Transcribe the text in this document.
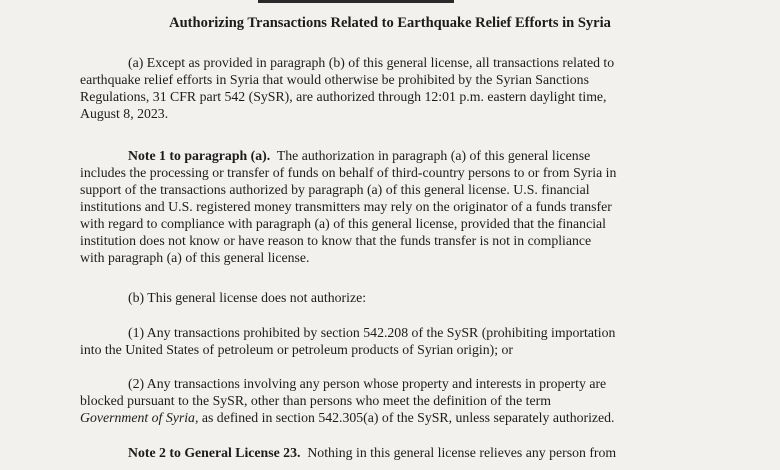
Authorizing Transactions Related to Earthquake Relief Efforts in Syria
(a) Except as provided in paragraph (b) of this general license, all transactions related to
earthquake relief efforts in Syria that would otherwise be prohibited by the Syrian Sanctions
Regulations, 31 CFR part 542 (SySR), are authorized through 12:01 p.m. eastern daylight time,
August 8, 2023.
Note 1 to paragraph (a). The authorization in paragraph (a) of this general license
includes the processing or transfer of funds on behalf of third-country persons to or from Syria in
support of the transactions authorized by paragraph (a) of this general license. U.S. financial
institutions and U.S. registered money transmitters may rely on the originator of a funds transfer
with regard to compliance with paragraph (a) of this general license, provided that the financial
institution does not know or have reason to know that the funds transfer is not in compliance
with paragraph (a) of this general license.
(b) This general license does not authorize:
(1) Any transactions prohibited by section 542.208 of the SySR (prohibiting importation
into the United States of petroleum or petroleum products of Syrian origin); or
(2) Any transactions involving any person whose property and interests in property are
blocked pursuant to the SySR, other than persons who meet the definition of the term
Government of Syria, as defined in section 542.305(a) of the SySR, unless separately authorized.
Note 2 to General License 23. Nothing in this general license relieves any person from
